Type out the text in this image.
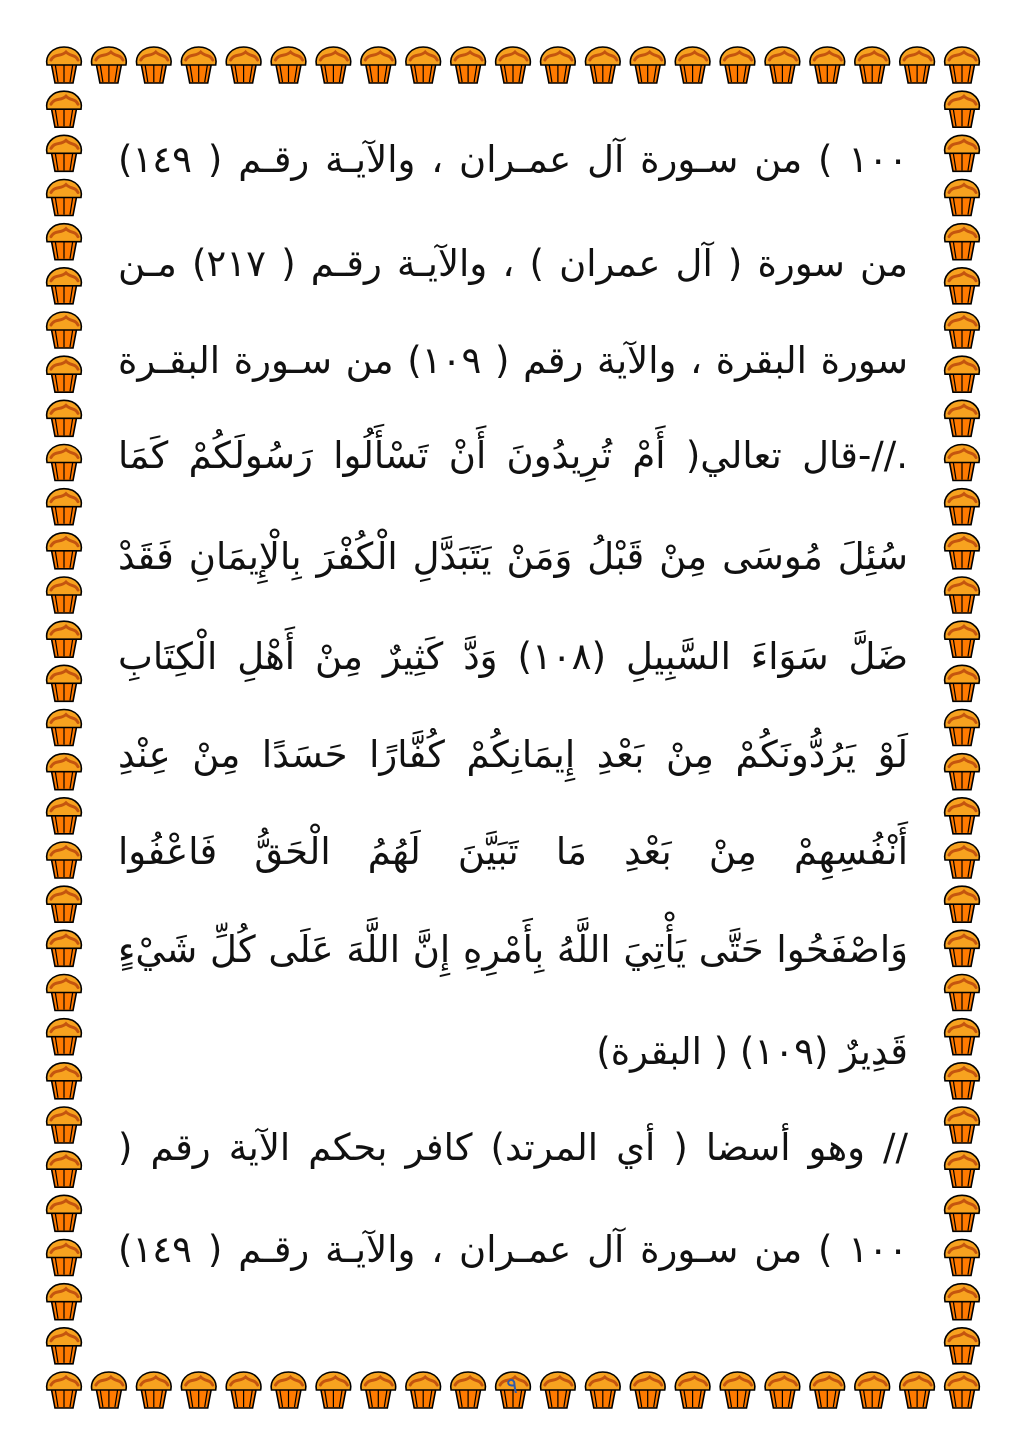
١٠٠ ) من سـورة آل عمـران ، والآيـة رقـم ( ١٤٩)
من سورة ( آل عمران ) ، والآيـة رقـم ( ٢١٧) مـن
سورة البقرة ، والآية رقم ( ١٠٩) من سـورة البقـرة
.//-قال تعالي( أَمْ تُرِيدُونَ أَنْ تَسْأَلُوا رَسُولَكُمْ كَمَا
سُئِلَ مُوسَى مِنْ قَبْلُ وَمَنْ يَتَبَدَّلِ الْكُفْرَ بِالْإِيمَانِ فَقَدْ
ضَلَّ سَوَاءَ السَّبِيلِ (١٠٨) وَدَّ كَثِيرٌ مِنْ أَهْلِ الْكِتَابِ
لَوْ يَرُدُّونَكُمْ مِنْ بَعْدِ إِيمَانِكُمْ كُفَّارًا حَسَدًا مِنْ عِنْدِ
أَنْفُسِهِمْ مِنْ بَعْدِ مَا تَبَيَّنَ لَهُمُ الْحَقُّ فَاعْفُوا
وَاصْفَحُوا حَتَّى يَأْتِيَ اللَّهُ بِأَمْرِهِ إِنَّ اللَّهَ عَلَى كُلِّ شَيْءٍ
قَدِيرٌ (١٠٩) ( البقرة)
// وهو أسضا ( أي المرتد) كافر بحكم الآية رقم (
١٠٠ ) من سـورة آل عمـران ، والآيـة رقـم ( ١٤٩)
٩
